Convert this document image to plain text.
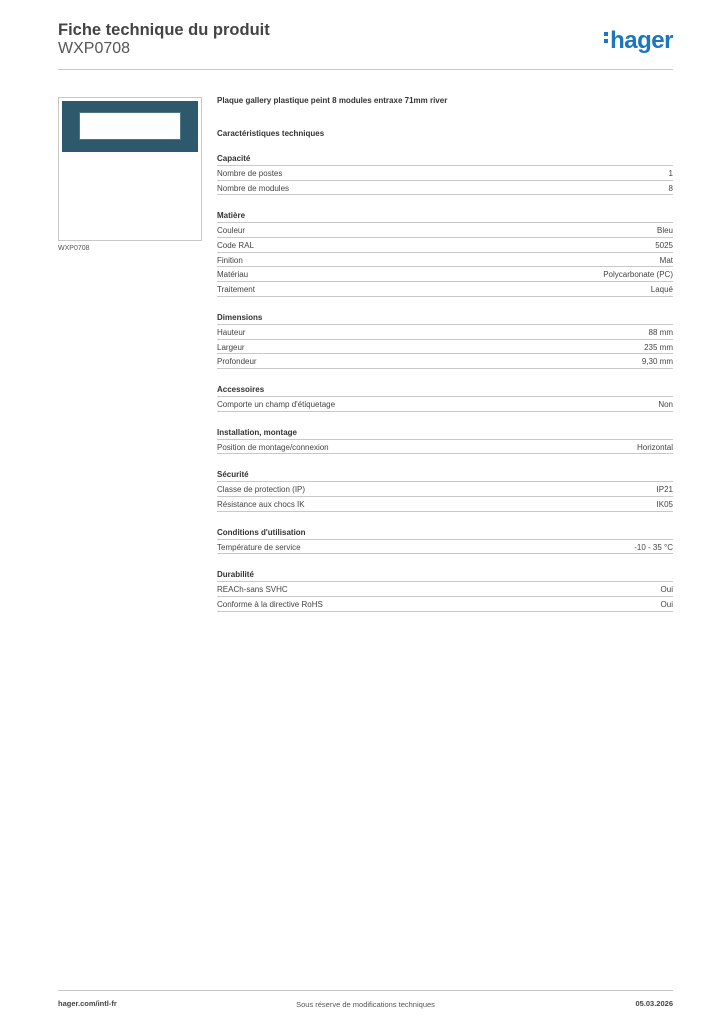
Fiche technique du produit
WXP0708	hager
WXP0708
Plaque gallery plastique peint 8 modules entraxe 71mm river
Caractéristiques techniques
Capacité
Nombre de postes	1
Nombre de modules	8
Matière
Couleur	Bleu
Code RAL	5025
Finition	Mat
Matériau	Polycarbonate (PC)
Traitement	Laqué
Dimensions
Hauteur	88 mm
Largeur	235 mm
Profondeur	9,30 mm
Accessoires
Comporte un champ d'étiquetage	Non
Installation, montage
Position de montage/connexion	Horizontal
Sécurité
Classe de protection (IP)	IP21
Résistance aux chocs IK	IK05
Conditions d'utilisation
Température de service	-10 - 35 °C
Durabilité
REACh-sans SVHC	Oui
Conforme à la directive RoHS	Oui
hager.com/intl-fr	Sous réserve de modifications techniques	05.03.2026
